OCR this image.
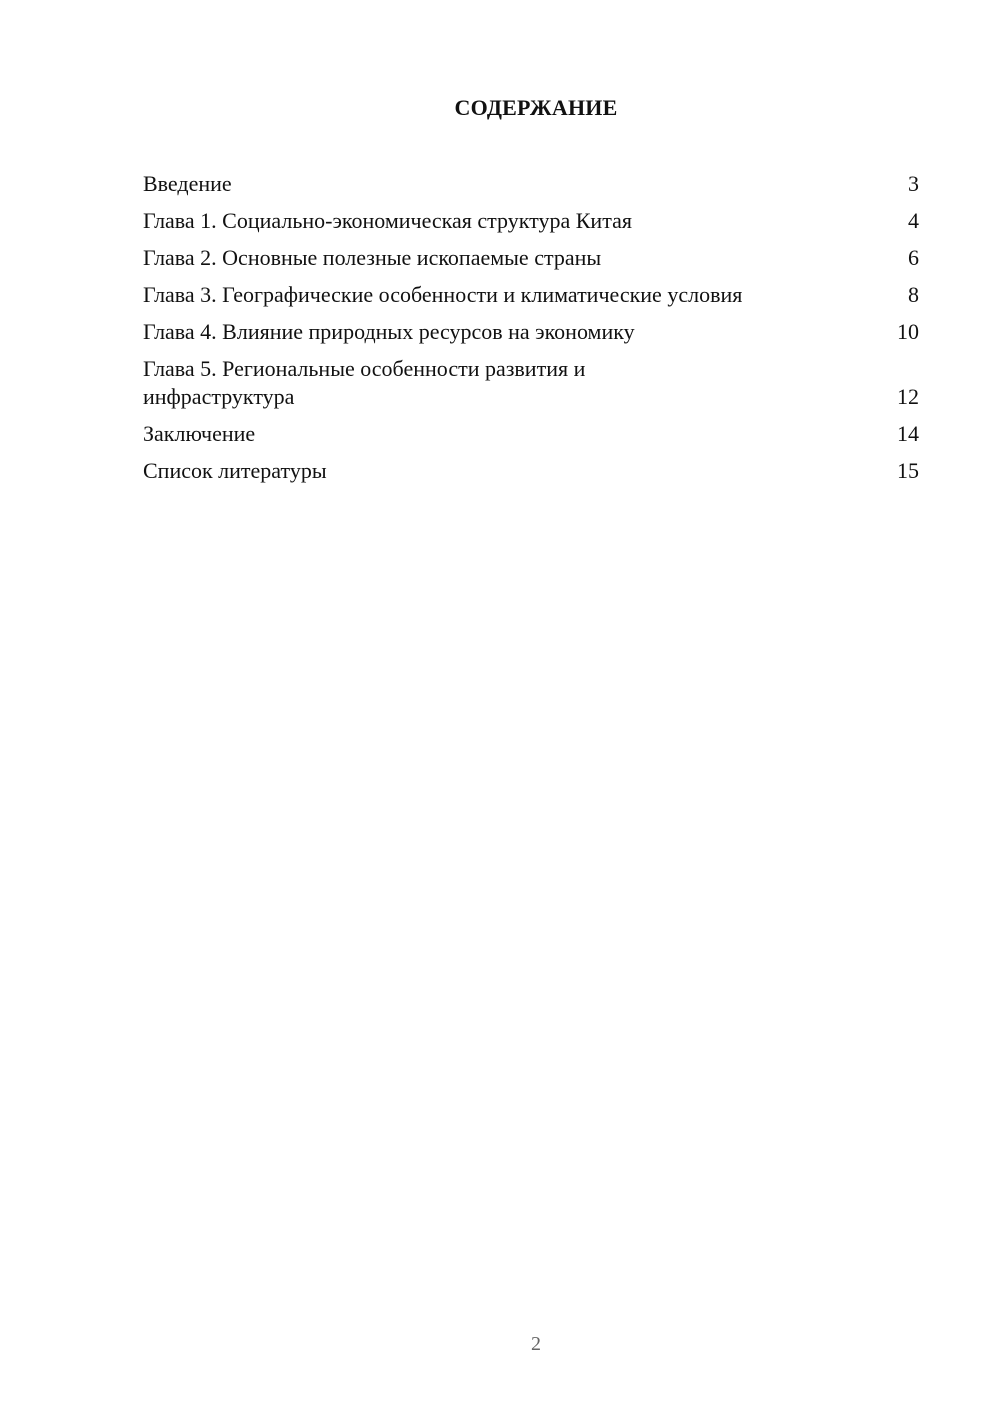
СОДЕРЖАНИЕ
Введение	3
Глава 1. Социально-экономическая структура Китая	4
Глава 2. Основные полезные ископаемые страны	6
Глава 3. Географические особенности и климатические условия	8
Глава 4. Влияние природных ресурсов на экономику	10
Глава 5. Региональные особенности развития и инфраструктура	12
Заключение	14
Список литературы	15
2
